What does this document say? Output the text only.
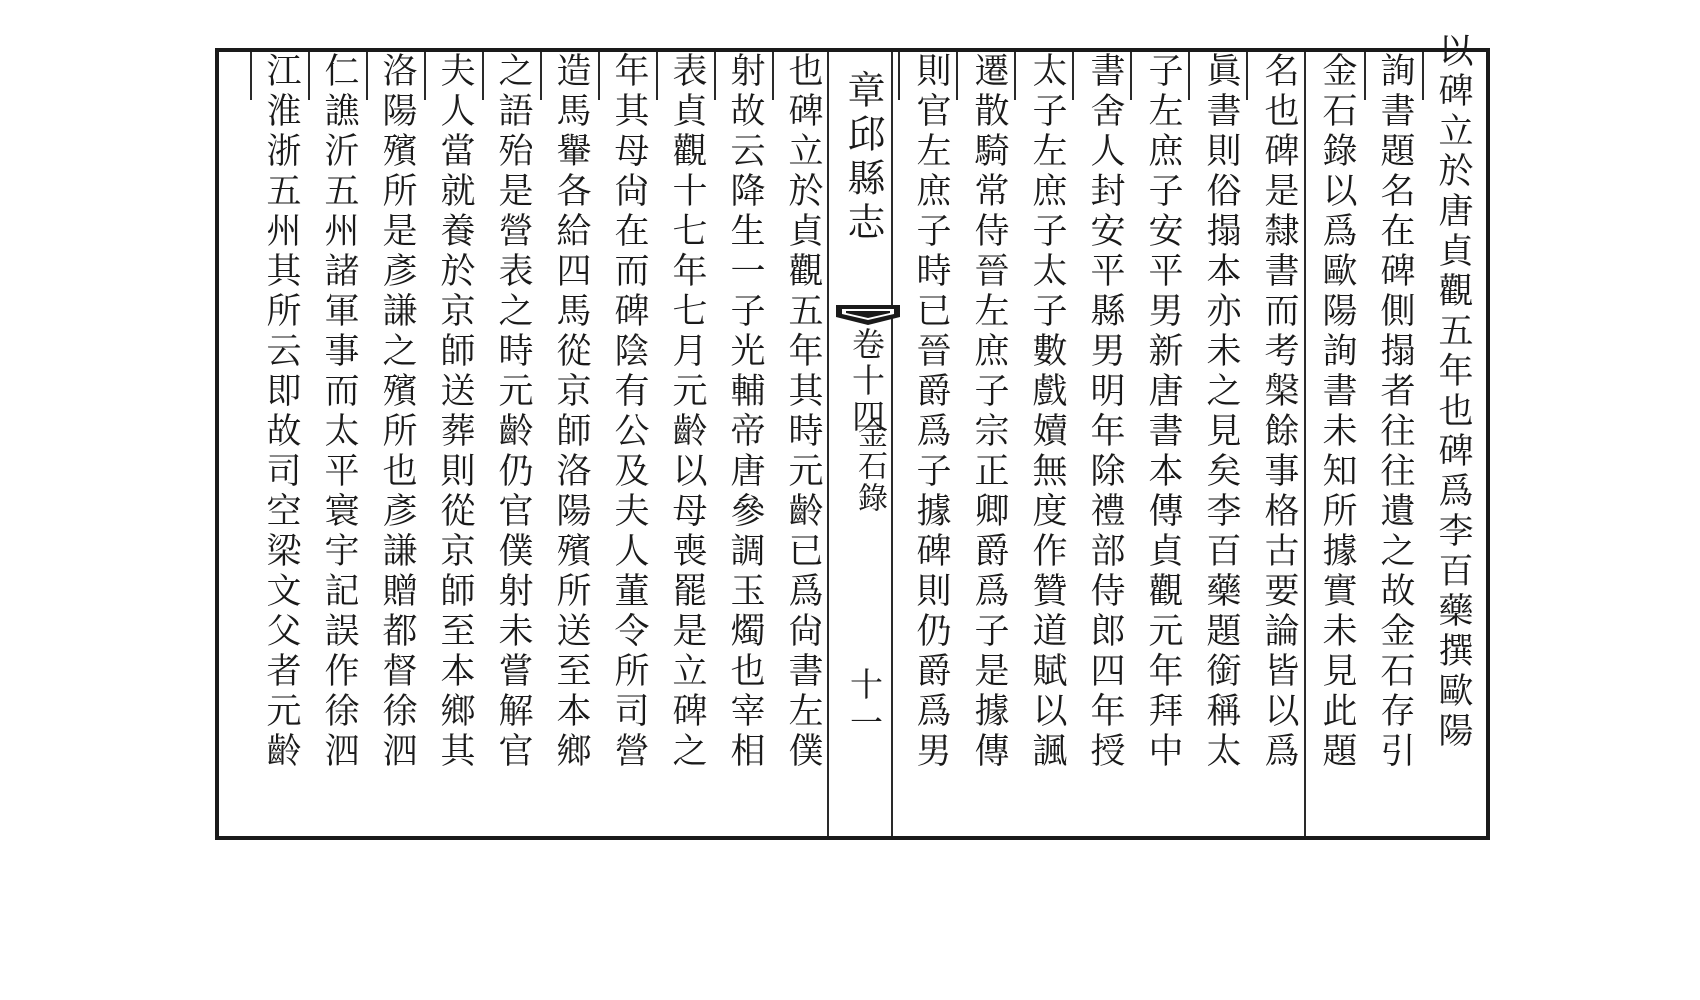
以碑立於唐貞觀五年也碑爲李百藥撰歐陽
詢書題名在碑側搨者往往遺之故金石存引
金石錄以爲歐陽詢書未知所據實未見此題
名也碑是隸書而考槃餘事格古要論皆以爲
眞書則俗搨本亦未之見矣李百藥題銜稱太
子左庶子安平男新唐書本傳貞觀元年拜中
書舍人封安平縣男明年除禮部侍郎四年授
太子左庶子太子數戲嬻無度作贊道賦以諷
遷散騎常侍晉左庶子宗正卿爵爲子是據傳
則官左庶子時已晉爵爲子據碑則仍爵爲男
章邱縣志
卷十四
金石錄
十一
也碑立於貞觀五年其時元齡已爲尙書左僕
射故云降生一子光輔帝唐參調玉燭也宰相
表貞觀十七年七月元齡以母喪罷是立碑之
年其母尙在而碑陰有公及夫人董令所司營
造馬轝各給四馬從京師洛陽殯所送至本鄉
之語殆是營表之時元齡仍官僕射未嘗解官
夫人當就養於京師送葬則從京師至本鄉其
洛陽殯所是彥謙之殯所也彥謙贈都督徐泗
仁譙沂五州諸軍事而太平寰宇記誤作徐泗
江淮浙五州其所云即故司空梁文父者元齡
